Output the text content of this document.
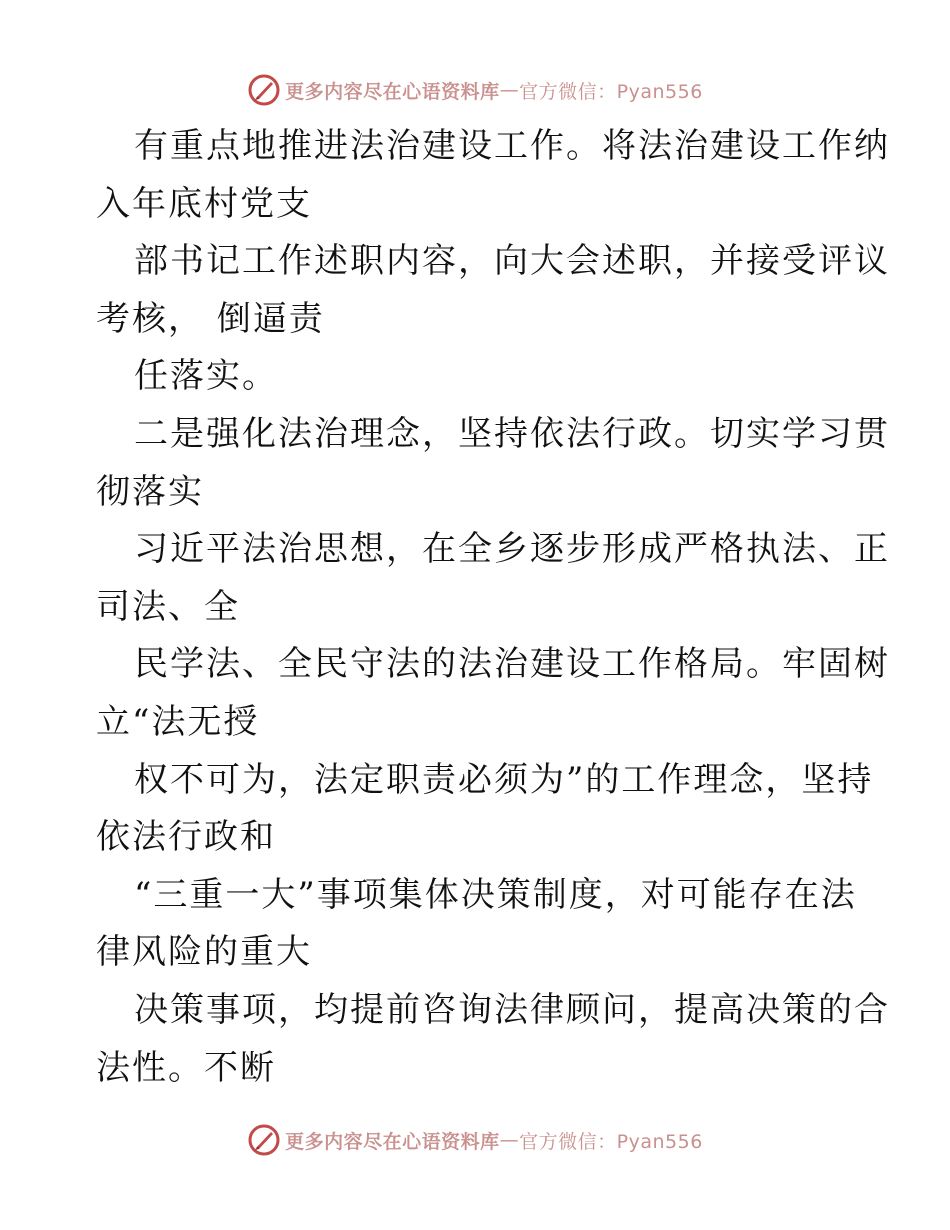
更多内容尽在心语资料库 — 官方微信：Pyan556
有重点地推进法治建设工作。将法治建设工作纳
入年底村党支
部书记工作述职内容，向大会述职，并接受评议
考核， 倒逼责
任落实。
二是强化法治理念，坚持依法行政。切实学习贯
彻落实
习近平法治思想，在全乡逐步形成严格执法、正
司法、全
民学法、全民守法的法治建设工作格局。牢固树
立“法无授
权不可为，法定职责必须为”的工作理念，坚持
依法行政和
“三重一大”事项集体决策制度，对可能存在法
律风险的重大
决策事项，均提前咨询法律顾问，提高决策的合
法性。不断
更多内容尽在心语资料库 — 官方微信：Pyan556
